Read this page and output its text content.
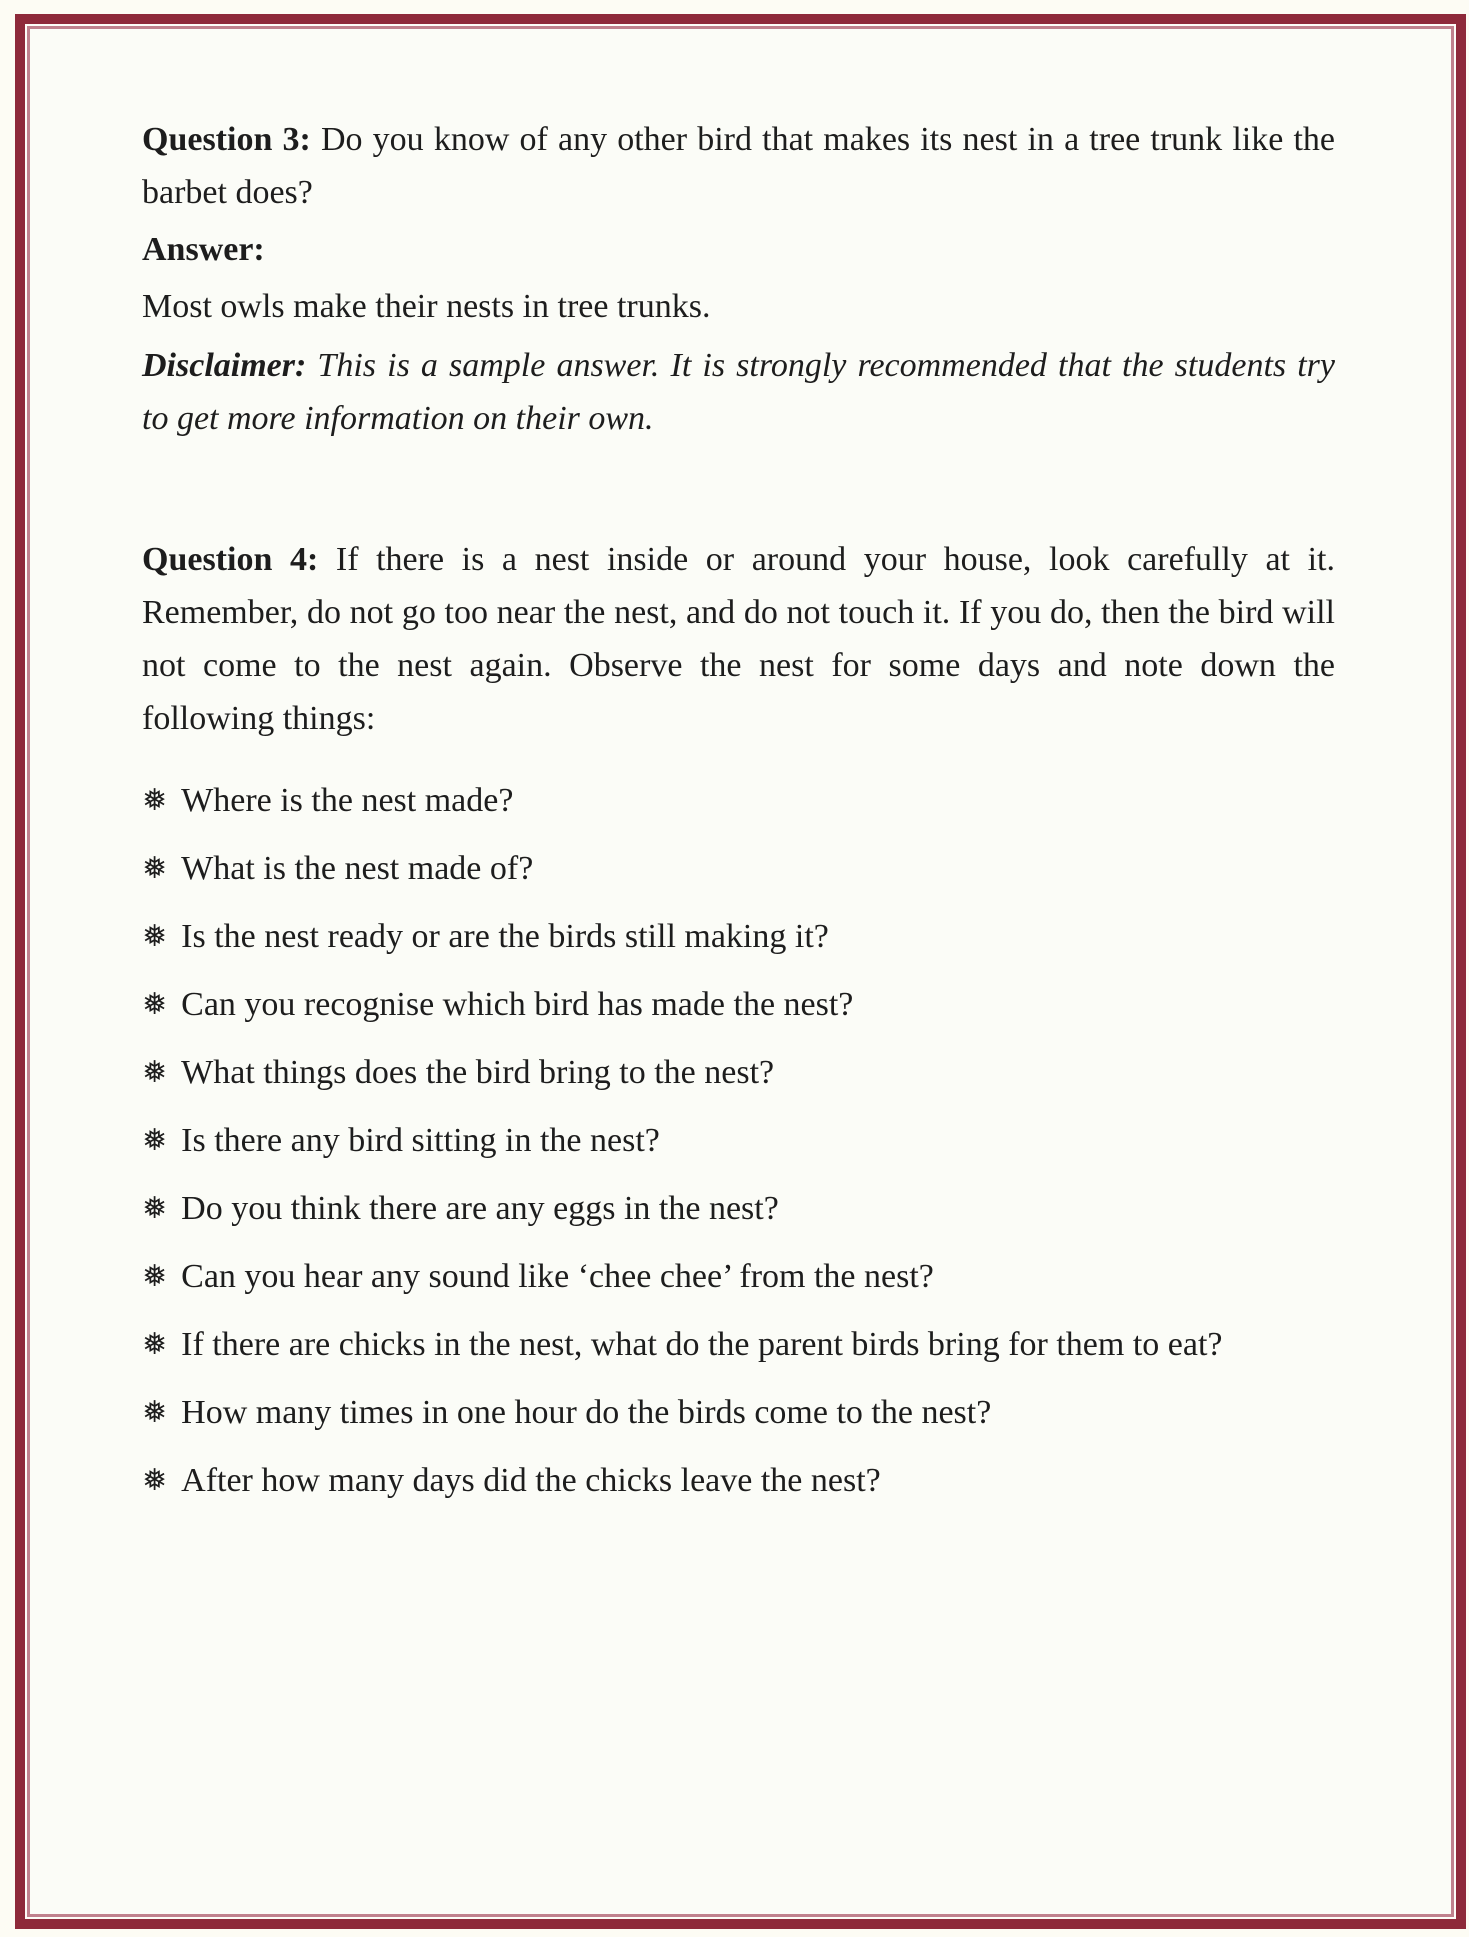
Question 3: Do you know of any other bird that makes its nest in a tree trunk like the barbet does?

Answer:

Most owls make their nests in tree trunks.

Disclaimer: This is a sample answer. It is strongly recommended that the students try to get more information on their own.

Question 4: If there is a nest inside or around your house, look carefully at it. Remember, do not go too near the nest, and do not touch it. If you do, then the bird will not come to the nest again. Observe the nest for some days and note down the following things:

❅ Where is the nest made?
❅ What is the nest made of?
❅ Is the nest ready or are the birds still making it?
❅ Can you recognise which bird has made the nest?
❅ What things does the bird bring to the nest?
❅ Is there any bird sitting in the nest?
❅ Do you think there are any eggs in the nest?
❅ Can you hear any sound like ‘chee chee’ from the nest?
❅ If there are chicks in the nest, what do the parent birds bring for them to eat?
❅ How many times in one hour do the birds come to the nest?
❅ After how many days did the chicks leave the nest?
